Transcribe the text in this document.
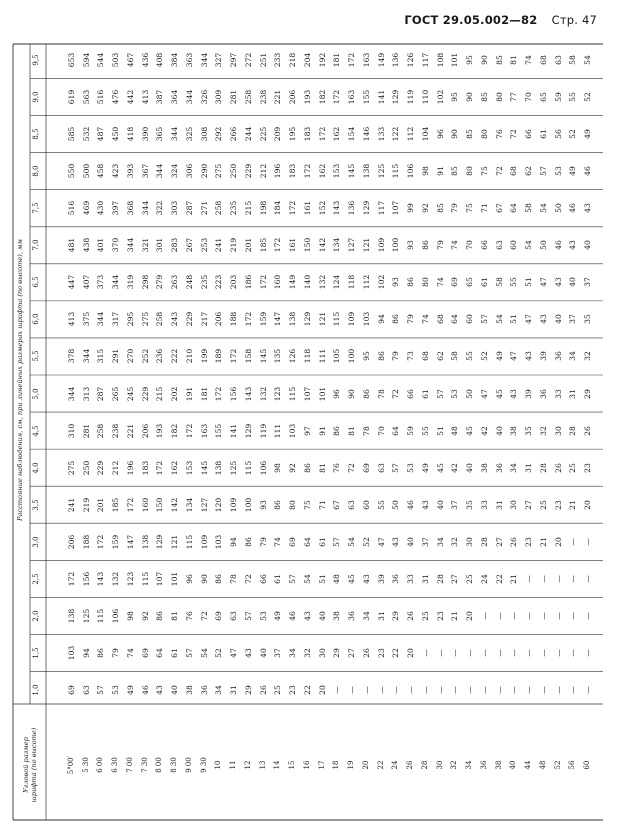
ГОСТ 29.05.002—82 Стр. 47
Угловой размер шрифта (по высоте)
Расстояние наблюдения, см, при линейных размерах шрифта (по высоте), мм
1,0
1,5
2,0
2,5
3,0
3,5
4,0
4,5
5,0
5,5
6,0
6,5
7,0
7,5
8,0
8,5
9,0
9,5
5°00′ 5 30 6 00 6 30 7 00 7 30 8 00 8 30 9 00 9 30 10 11 12 13 14 15 16 17 18 19 20 22 24 26 28 30 32 34 36 38 40 44 48 52 56 60
69
103
138
172
206
241
275
310
344
378
413
447
481
516
550
585
619
653
63
94
125
156
188
219
250
281
313
344
375
407
438
469
500
532
563
594
57
86
115
143
172
201
229
258
287
315
344
373
401
430
458
487
516
544
53
79
106
132
159
185
212
238
265
291
317
344
370
397
423
450
476
503
49
74
98
123
147
172
196
221
245
270
295
319
344
368
393
418
442
467
46
69
92
115
138
160
183
206
229
252
275
298
321
344
367
390
413
436
43
64
86
107
129
150
172
193
215
236
258
279
301
322
344
365
387
408
40
61
81
101
121
142
162
182
202
222
243
263
283
303
324
344
364
384
38
57
76
96
115
134
153
172
191
210
229
248
267
287
306
325
344
363
36
54
72
90
109
127
145
163
181
199
217
235
253
271
290
308
326
344
34
52
69
86
103
120
138
155
172
189
206
223
241
258
275
292
309
327
31
47
63
78
94
109
125
141
156
172
188
203
219
235
250
266
281
297
29
43
57
72
86
100
115
129
143
158
172
186
201
215
229
244
258
272
26
40
53
66
79
93
106
119
132
145
159
172
185
198
212
225
238
251
25
37
49
61
74
86
98
111
123
135
147
160
172
184
196
209
221
233
23
34
46
57
69
80
92
103
115
126
138
149
161
172
183
195
206
218
22
32
43
54
64
75
86
97
107
118
129
140
150
161
172
183
193
204
20
30
40
51
61
71
81
91
101
111
121
132
142
152
162
172
182
192
—
29
38
48
57
67
76
86
96
105
115
124
134
143
153
162
172
181
—
27
36
45
54
63
72
81
90
100
109
118
127
136
145
154
163
172
—
26
34
43
52
60
69
78
86
95
103
112
121
129
138
146
155
163
—
23
31
39
47
55
63
70
78
86
94
102
109
117
125
133
141
149
—
22
29
36
43
50
57
64
72
79
86
93
100
107
115
122
129
136
—
20
26
33
40
46
53
59
66
73
79
86
93
99
106
112
119
126
—
—
25
31
37
43
49
55
61
68
74
80
86
92
98
104
110
117
—
—
23
28
34
40
45
51
57
62
68
74
79
85
91
96
102
108
—
—
21
27
32
37
42
48
53
58
64
69
74
79
85
90
95
101
—
—
20
25
30
35
40
45
50
55
60
65
70
75
80
85
90
95
—
—
—
24
28
33
38
42
47
52
57
61
66
71
75
80
85
90
—
—
—
22
27
31
36
40
45
49
54
58
63
67
72
76
80
85
—
—
—
21
26
30
34
38
43
47
51
55
60
64
68
72
77
81
—
—
—
—
23
27
31
35
39
43
47
51
54
58
62
66
70
74
—
—
—
—
21
25
28
32
36
39
43
47
50
54
57
61
65
68
—
—
—
—
20
23
26
30
33
36
40
43
46
50
53
56
59
63
—
—
—
—
—
21
25
28
31
34
37
40
43
46
49
52
55
58
—
—
—
—
—
20
23
26
29
32
35
37
40
43
46
49
52
54
